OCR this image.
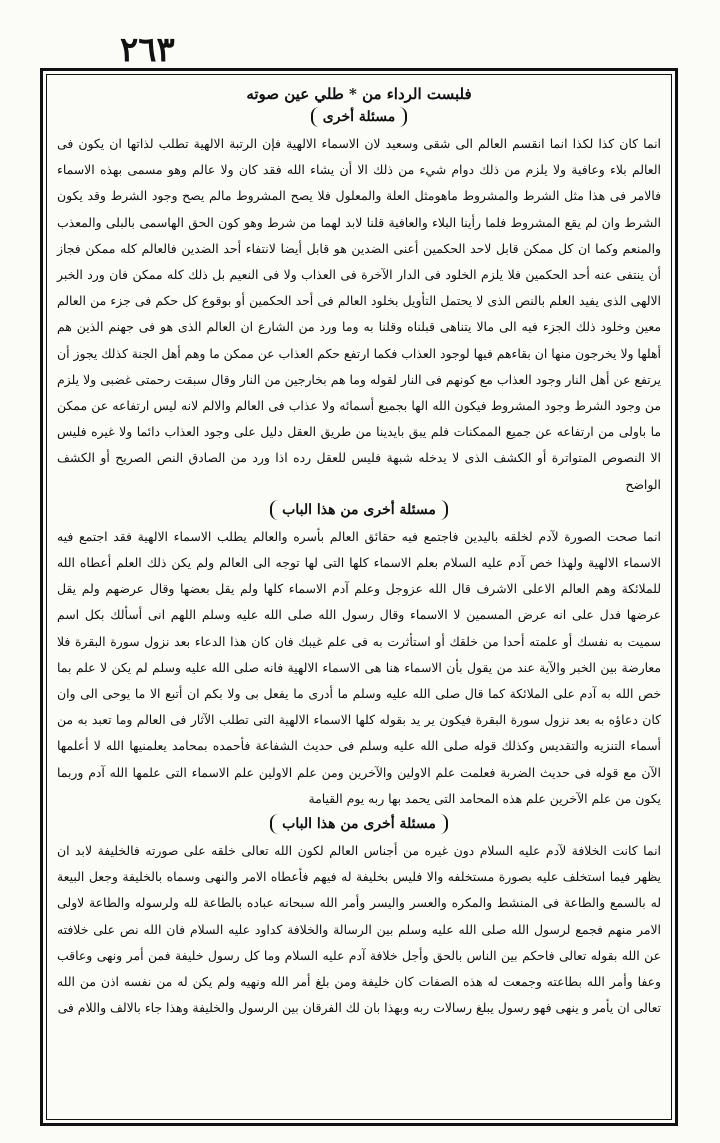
٢٦٣
فلبست الرداء من * طلي عين صوته
مسئلة أخرى

انما كان كذا لكذا انما انقسم العالم الى شقى وسعيد لان الاسماء الالهية فإن الرتبة الالهية تطلب لذاتها ان يكون فى العالم بلاء وعافية ولا يلزم من ذلك دوام شيء من ذلك الا أن يشاء الله فقد كان ولا عالم وهو مسمى بهذه الاسماء فالامر فى هذا مثل الشرط والمشروط ماهومثل العلة والمعلول فلا يصح المشروط مالم يصح وجود الشرط وقد يكون الشرط وان لم يقع المشروط فلما رأينا البلاء والعافية قلنا لابد لهما من شرط وهو كون الحق الهاسمى بالبلى والمعذب والمنعم وكما ان كل ممكن قابل لاحد الحكمين أعنى الضدين هو قابل أيضا لانتفاء أحد الضدين فالعالم كله ممكن فجاز أن ينتفى عنه أحد الحكمين فلا يلزم الخلود فى الدار الآخرة فى العذاب ولا فى النعيم بل ذلك كله ممكن فان ورد الخبر الالهى الذى يفيد العلم بالنص الذى لا يحتمل التأويل بخلود العالم فى أحد الحكمين أو بوقوع كل حكم فى جزء من العالم معين وخلود ذلك الجزء فيه الى مالا يتناهى قبلناه وقلنا به وما ورد من الشارع ان العالم الذى هو فى جهنم الذين هم أهلها ولا يخرجون منها ان بقاءهم فيها لوجود العذاب فكما ارتفع حكم العذاب عن ممكن ما وهم أهل الجنة كذلك يجوز أن يرتفع عن أهل النار وجود العذاب مع كونهم فى النار لقوله وما هم بخارجين من النار وقال سبقت رحمتى غضبى ولا يلزم من وجود الشرط وجود المشروط فيكون الله الها بجميع أسمائه ولا عذاب فى العالم والالم لانه ليس ارتفاعه عن ممكن ما باولى من ارتفاعه عن جميع الممكنات فلم يبق بايدينا من طريق العقل دليل على وجود العذاب دائما ولا غيره فليس الا النصوص المتواترة أو الكشف الذى لا يدخله شبهة فليس للعقل رده اذا ورد من الصادق النص الصريح أو الكشف الواضح

مسئلة أخرى من هذا الباب

انما صحت الصورة لآدم لخلقه باليدين فاجتمع فيه حقائق العالم بأسره والعالم يطلب الاسماء الالهية فقد اجتمع فيه الاسماء الالهية ولهذا خص آدم عليه السلام بعلم الاسماء كلها التى لها توجه الى العالم ولم يكن ذلك العلم أعطاه الله للملائكة وهم العالم الاعلى الاشرف قال الله عزوجل وعلم آدم الاسماء كلها ولم يقل بعضها وقال عرضهم ولم يقل عرضها فدل على انه عرض المسمين لا الاسماء وقال رسول الله صلى الله عليه وسلم اللهم انى أسألك بكل اسم سميت به نفسك أو علمته أحدا من خلقك أو استأثرت به فى علم غيبك فان كان هذا الدعاء بعد نزول سورة البقرة فلا معارضة بين الخبر والآية عند من يقول بأن الاسماء هنا هى الاسماء الالهية فانه صلى الله عليه وسلم لم يكن لا علم بما خص الله به آدم على الملائكة كما قال صلى الله عليه وسلم ما أدرى ما يفعل بى ولا بكم ان أتبع الا ما يوحى الى وان كان دعاؤه به بعد نزول سورة البقرة فيكون ير يد بقوله كلها الاسماء الالهية التى تطلب الآثار فى العالم وما تعبد به من أسماء التنزيه والتقديس وكذلك قوله صلى الله عليه وسلم فى حديث الشفاعة فأحمده بمحامد يعلمنيها الله لا أعلمها الآن مع قوله فى حديث الضربة فعلمت علم الاولين والآخرين ومن علم الاولين علم الاسماء التى علمها الله آدم وربما يكون من علم الآخرين علم هذه المحامد التى يحمد بها ربه يوم القيامة

مسئلة أخرى من هذا الباب

انما كانت الخلافة لآدم عليه السلام دون غيره من أجناس العالم لكون الله تعالى خلقه على صورته فالخليفة لابد ان يظهر فيما استخلف عليه بصورة مستخلفه والا فليس بخليفة له فيهم فأعطاه الامر والنهى وسماه بالخليفة وجعل البيعة له بالسمع والطاعة فى المنشط والمكره والعسر واليسر وأمر الله سبحانه عباده بالطاعة لله ولرسوله والطاعة لاولى الامر منهم فجمع لرسول الله صلى الله عليه وسلم بين الرسالة والخلافة كداود عليه السلام فان الله نص على خلافته عن الله بقوله تعالى فاحكم بين الناس بالحق وأجل خلافة آدم عليه السلام وما كل رسول خليفة فمن أمر ونهى وعاقب وعفا وأمر الله بطاعته وجمعت له هذه الصفات كان خليفة ومن بلغ أمر الله ونهيه ولم يكن له من نفسه اذن من الله تعالى ان يأمر و ينهى فهو رسول يبلغ رسالات ربه وبهذا بان لك الفرقان بين الرسول والخليفة وهذا جاء بالالف واللام فى
